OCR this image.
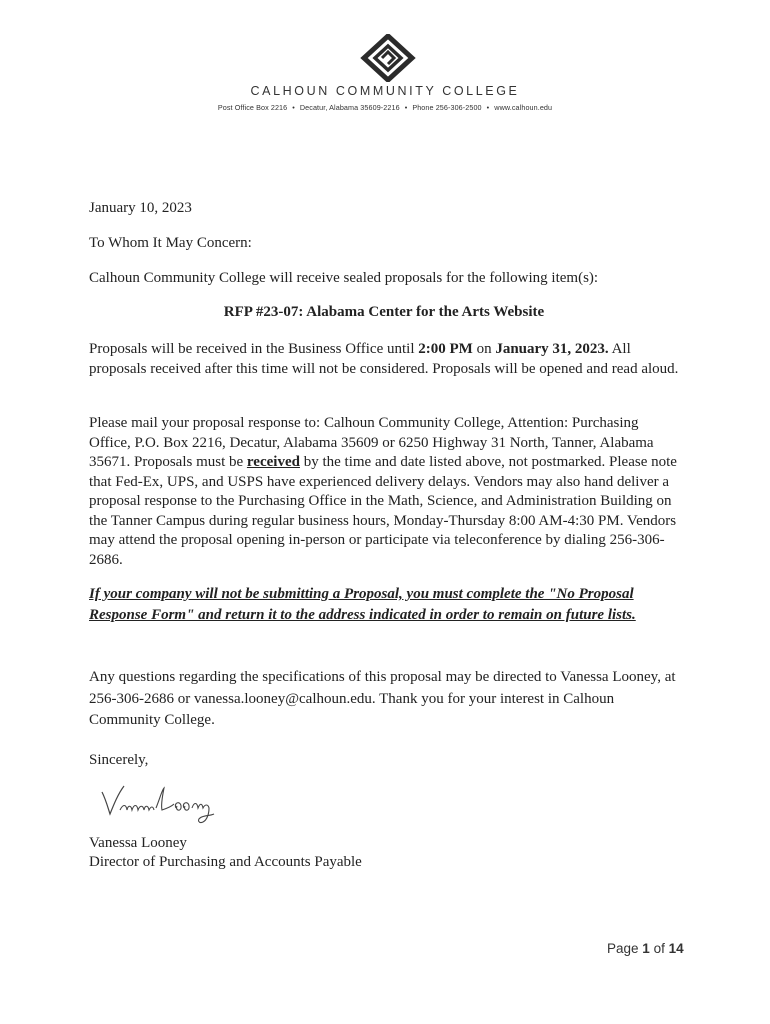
CALHOUN COMMUNITY COLLEGE
Post Office Box 2216 • Decatur, Alabama 35609-2216 • Phone 256-306-2500 • www.calhoun.edu
January 10, 2023
To Whom It May Concern:
Calhoun Community College will receive sealed proposals for the following item(s):
RFP #23-07: Alabama Center for the Arts Website
Proposals will be received in the Business Office until 2:00 PM on January 31, 2023. All proposals received after this time will not be considered. Proposals will be opened and read aloud.
Please mail your proposal response to: Calhoun Community College, Attention: Purchasing Office, P.O. Box 2216, Decatur, Alabama 35609 or 6250 Highway 31 North, Tanner, Alabama 35671. Proposals must be received by the time and date listed above, not postmarked. Please note that Fed-Ex, UPS, and USPS have experienced delivery delays. Vendors may also hand deliver a proposal response to the Purchasing Office in the Math, Science, and Administration Building on the Tanner Campus during regular business hours, Monday-Thursday 8:00 AM-4:30 PM. Vendors may attend the proposal opening in-person or participate via teleconference by dialing 256-306-2686.
If your company will not be submitting a Proposal, you must complete the "No Proposal Response Form" and return it to the address indicated in order to remain on future lists.
Any questions regarding the specifications of this proposal may be directed to Vanessa Looney, at 256-306-2686 or vanessa.looney@calhoun.edu. Thank you for your interest in Calhoun Community College.
Sincerely,
Vanessa Looney
Director of Purchasing and Accounts Payable
Page 1 of 14
